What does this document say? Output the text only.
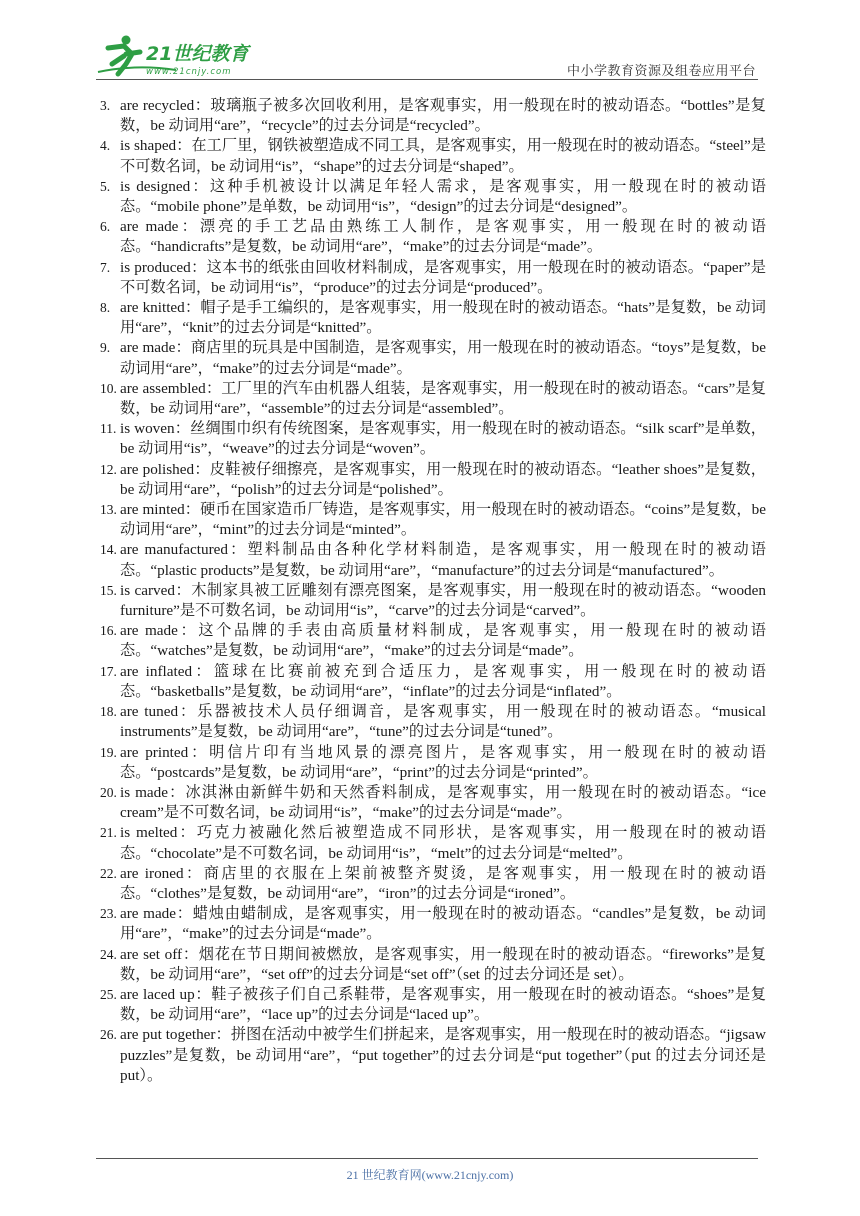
21世纪教育
www.21cnjy.com	中小学教育资源及组卷应用平台
3. are recycled：玻璃瓶子被多次回收利用，是客观事实，用一般现在时的被动语态。“bottles”是复数，be 动词用“are”，“recycle”的过去分词是“recycled”。
4. is shaped：在工厂里，钢铁被塑造成不同工具，是客观事实，用一般现在时的被动语态。“steel”是不可数名词，be 动词用“is”，“shape”的过去分词是“shaped”。
5. is designed：这种手机被设计以满足年轻人需求，是客观事实，用一般现在时的被动语态。“mobile phone”是单数，be 动词用“is”，“design”的过去分词是“designed”。
6. are made：漂亮的手工艺品由熟练工人制作，是客观事实，用一般现在时的被动语态。“handicrafts”是复数，be 动词用“are”，“make”的过去分词是“made”。
7. is produced：这本书的纸张由回收材料制成，是客观事实，用一般现在时的被动语态。“paper”是不可数名词，be 动词用“is”，“produce”的过去分词是“produced”。
8. are knitted：帽子是手工编织的，是客观事实，用一般现在时的被动语态。“hats”是复数，be 动词用“are”，“knit”的过去分词是“knitted”。
9. are made：商店里的玩具是中国制造，是客观事实，用一般现在时的被动语态。“toys”是复数，be 动词用“are”，“make”的过去分词是“made”。
10. are assembled：工厂里的汽车由机器人组装，是客观事实，用一般现在时的被动语态。“cars”是复数，be 动词用“are”，“assemble”的过去分词是“assembled”。
11. is woven：丝绸围巾织有传统图案，是客观事实，用一般现在时的被动语态。“silk scarf”是单数，be 动词用“is”，“weave”的过去分词是“woven”。
12. are polished：皮鞋被仔细擦亮，是客观事实，用一般现在时的被动语态。“leather shoes”是复数，be 动词用“are”，“polish”的过去分词是“polished”。
13. are minted：硬币在国家造币厂铸造，是客观事实，用一般现在时的被动语态。“coins”是复数，be 动词用“are”，“mint”的过去分词是“minted”。
14. are manufactured：塑料制品由各种化学材料制造，是客观事实，用一般现在时的被动语态。“plastic products”是复数，be 动词用“are”，“manufacture”的过去分词是“manufactured”。
15. is carved：木制家具被工匠雕刻有漂亮图案，是客观事实，用一般现在时的被动语态。“wooden furniture”是不可数名词，be 动词用“is”，“carve”的过去分词是“carved”。
16. are made：这个品牌的手表由高质量材料制成，是客观事实，用一般现在时的被动语态。“watches”是复数，be 动词用“are”，“make”的过去分词是“made”。
17. are inflated：篮球在比赛前被充到合适压力，是客观事实，用一般现在时的被动语态。“basketballs”是复数，be 动词用“are”，“inflate”的过去分词是“inflated”。
18. are tuned：乐器被技术人员仔细调音，是客观事实，用一般现在时的被动语态。“musical instruments”是复数，be 动词用“are”，“tune”的过去分词是“tuned”。
19. are printed：明信片印有当地风景的漂亮图片，是客观事实，用一般现在时的被动语态。“postcards”是复数，be 动词用“are”，“print”的过去分词是“printed”。
20. is made：冰淇淋由新鲜牛奶和天然香料制成，是客观事实，用一般现在时的被动语态。“ice cream”是不可数名词，be 动词用“is”，“make”的过去分词是“made”。
21. is melted：巧克力被融化然后被塑造成不同形状，是客观事实，用一般现在时的被动语态。“chocolate”是不可数名词，be 动词用“is”，“melt”的过去分词是“melted”。
22. are ironed：商店里的衣服在上架前被整齐熨烫，是客观事实，用一般现在时的被动语态。“clothes”是复数，be 动词用“are”，“iron”的过去分词是“ironed”。
23. are made：蜡烛由蜡制成，是客观事实，用一般现在时的被动语态。“candles”是复数，be 动词用“are”，“make”的过去分词是“made”。
24. are set off：烟花在节日期间被燃放，是客观事实，用一般现在时的被动语态。“fireworks”是复数，be 动词用“are”，“set off”的过去分词是“set off”（set 的过去分词还是 set）。
25. are laced up：鞋子被孩子们自己系鞋带，是客观事实，用一般现在时的被动语态。“shoes”是复数，be 动词用“are”，“lace up”的过去分词是“laced up”。
26. are put together：拼图在活动中被学生们拼起来，是客观事实，用一般现在时的被动语态。“jigsaw puzzles”是复数，be 动词用“are”，“put together”的过去分词是“put together”（put 的过去分词还是 put）。
21 世纪教育网(www.21cnjy.com)
